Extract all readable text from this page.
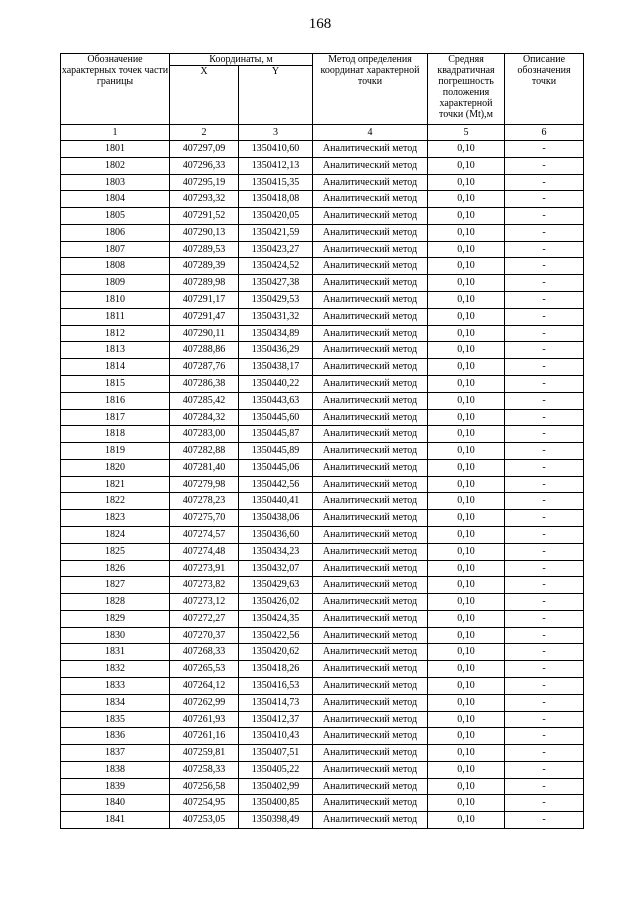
168
Обозначение характерных точек части границы	Координаты, м		Метод определения координат характерной точки	Средняя квадратичная погрешность положения характерной точки (Mt),м	Описание обозначения точки
	X	Y			
1	2	3	4	5	6
1801	407297,09	1350410,60	Аналитический метод	0,10	-
1802	407296,33	1350412,13	Аналитический метод	0,10	-
1803	407295,19	1350415,35	Аналитический метод	0,10	-
1804	407293,32	1350418,08	Аналитический метод	0,10	-
1805	407291,52	1350420,05	Аналитический метод	0,10	-
1806	407290,13	1350421,59	Аналитический метод	0,10	-
1807	407289,53	1350423,27	Аналитический метод	0,10	-
1808	407289,39	1350424,52	Аналитический метод	0,10	-
1809	407289,98	1350427,38	Аналитический метод	0,10	-
1810	407291,17	1350429,53	Аналитический метод	0,10	-
1811	407291,47	1350431,32	Аналитический метод	0,10	-
1812	407290,11	1350434,89	Аналитический метод	0,10	-
1813	407288,86	1350436,29	Аналитический метод	0,10	-
1814	407287,76	1350438,17	Аналитический метод	0,10	-
1815	407286,38	1350440,22	Аналитический метод	0,10	-
1816	407285,42	1350443,63	Аналитический метод	0,10	-
1817	407284,32	1350445,60	Аналитический метод	0,10	-
1818	407283,00	1350445,87	Аналитический метод	0,10	-
1819	407282,88	1350445,89	Аналитический метод	0,10	-
1820	407281,40	1350445,06	Аналитический метод	0,10	-
1821	407279,98	1350442,56	Аналитический метод	0,10	-
1822	407278,23	1350440,41	Аналитический метод	0,10	-
1823	407275,70	1350438,06	Аналитический метод	0,10	-
1824	407274,57	1350436,60	Аналитический метод	0,10	-
1825	407274,48	1350434,23	Аналитический метод	0,10	-
1826	407273,91	1350432,07	Аналитический метод	0,10	-
1827	407273,82	1350429,63	Аналитический метод	0,10	-
1828	407273,12	1350426,02	Аналитический метод	0,10	-
1829	407272,27	1350424,35	Аналитический метод	0,10	-
1830	407270,37	1350422,56	Аналитический метод	0,10	-
1831	407268,33	1350420,62	Аналитический метод	0,10	-
1832	407265,53	1350418,26	Аналитический метод	0,10	-
1833	407264,12	1350416,53	Аналитический метод	0,10	-
1834	407262,99	1350414,73	Аналитический метод	0,10	-
1835	407261,93	1350412,37	Аналитический метод	0,10	-
1836	407261,16	1350410,43	Аналитический метод	0,10	-
1837	407259,81	1350407,51	Аналитический метод	0,10	-
1838	407258,33	1350405,22	Аналитический метод	0,10	-
1839	407256,58	1350402,99	Аналитический метод	0,10	-
1840	407254,95	1350400,85	Аналитический метод	0,10	-
1841	407253,05	1350398,49	Аналитический метод	0,10	-
